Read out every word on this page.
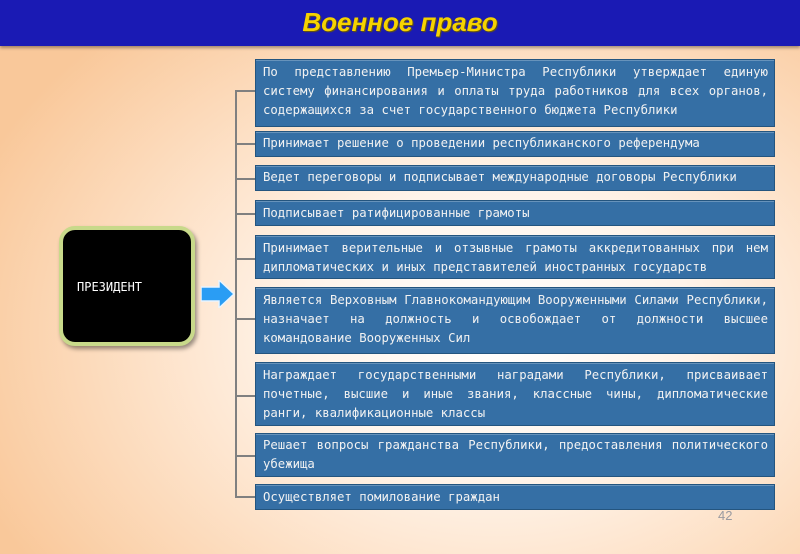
Военное право
ПРЕЗИДЕНТ
По представлению Премьер-Министра Республики утверждает единую систему финансирования и оплаты труда работников для всех органов, содержащихся за счет государственного бюджета Республики
Принимает решение о проведении республиканского референдума
Ведет переговоры и подписывает международные договоры Республики
Подписывает ратифицированные грамоты
Принимает верительные и отзывные грамоты аккредитованных при нем дипломатических и иных представителей иностранных государств
Является Верховным Главнокомандующим Вооруженными Силами Республики, назначает на должность и освобождает от должности высшее командование Вооруженных Сил
Награждает государственными наградами Республики, присваивает почетные, высшие и иные звания, классные чины, дипломатические ранги, квалификационные классы
Решает вопросы гражданства Республики, предоставления политического убежища
Осуществляет помилование граждан
42
